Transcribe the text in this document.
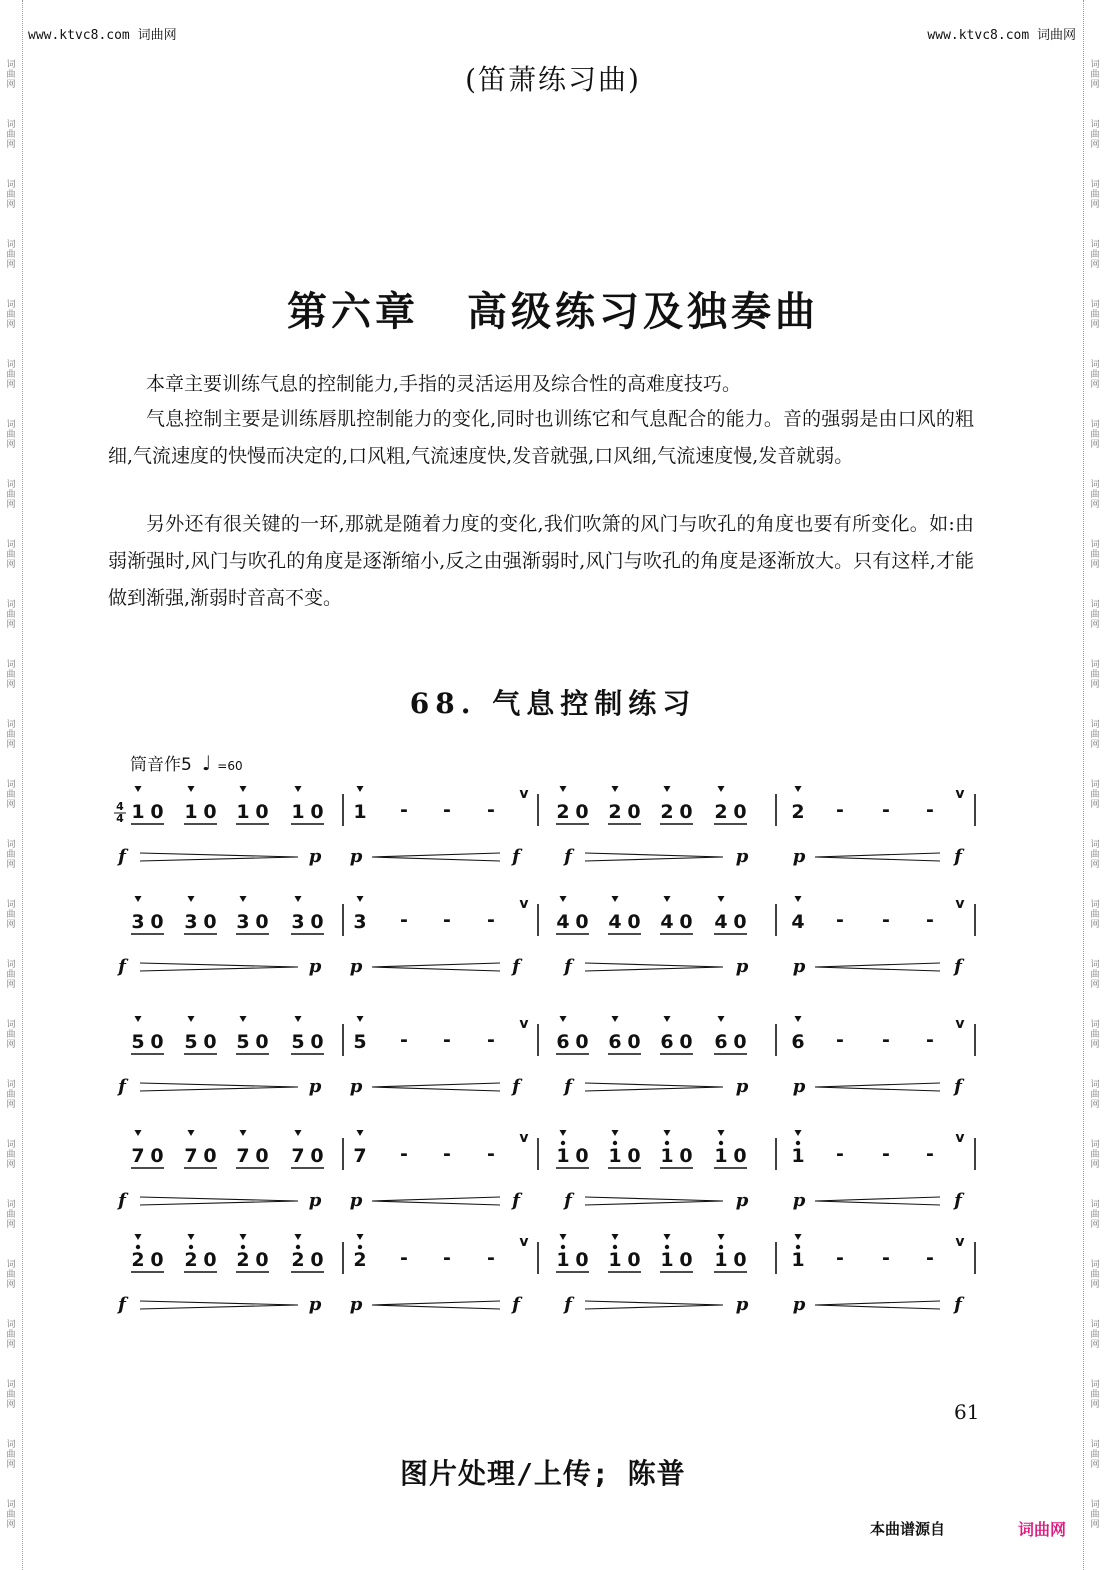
词
曲
网
词
曲
网
词
曲
网
词
曲
网
词
曲
网
词
曲
网
词
曲
网
词
曲
网
词
曲
网
词
曲
网
词
曲
网
词
曲
网
词
曲
网
词
曲
网
词
曲
网
词
曲
网
词
曲
网
词
曲
网
词
曲
网
词
曲
网
词
曲
网
词
曲
网
词
曲
网
词
曲
网
词
曲
网
词
曲
网
词
曲
网
词
曲
网
词
曲
网
词
曲
网
词
曲
网
词
曲
网
词
曲
网
词
曲
网
词
曲
网
词
曲
网
词
曲
网
词
曲
网
词
曲
网
词
曲
网
词
曲
网
词
曲
网
词
曲
网
词
曲
网
词
曲
网
词
曲
网
词
曲
网
词
曲
网
词
曲
网
词
曲
网
www.ktvc8.com 词曲网	www.ktvc8.com 词曲网
(笛萧练习曲)
第六章 高级练习及独奏曲

本章主要训练气息的控制能力,手指的灵活运用及综合性的高难度技巧。

气息控制主要是训练唇肌控制能力的变化,同时也训练它和气息配合的能力。音的强弱是由口风的粗细,气流速度的快慢而决定的,口风粗,气流速度快,发音就强,口风细,气流速度慢,发音就弱。

另外还有很关键的一环,那就是随着力度的变化,我们吹箫的风门与吹孔的角度也要有所变化。如:由弱渐强时,风门与吹孔的角度是逐渐缩小,反之由强渐弱时,风门与吹孔的角度是逐渐放大。只有这样,才能做到渐强,渐弱时音高不变。

68. 气息控制练习
筒音作5 ♩ =60
4
4 1 0 1 0 1 0 1 0 1 - - -
v
2 0 2 0 2 0 2 0 2 - - -
v
f	p p	f f	p p	f
3 0 3 0 3 0 3 0 3 - - -
v
4 0 4 0 4 0 4 0 4 - - -
v
f	p p	f f	p p	f
5 0 5 0 5 0 5 0 5 - - -
v
6 0 6 0 6 0 6 0 6 - - -
v
f	p p	f f	p p	f
7 0 7 0 7 0 7 0 7 - - -
v
1 0 1 0 1 0 1 0 1 - - -
v
f	p p	f f	p p	f
2 0 2 0 2 0 2 0 2 - - -
v
1 0 1 0 1 0 1 0 1 - - -
v
f	p p	f f	p p	f
61
图片处理/上传; 陈普
本曲谱源自	词曲网
